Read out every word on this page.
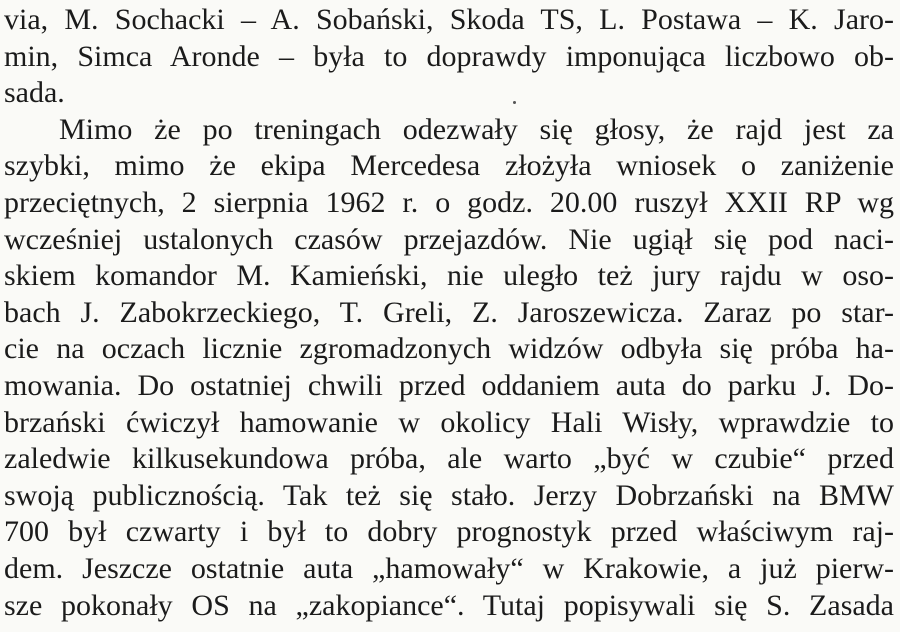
via, M. Sochacki – A. Sobański, Skoda TS, L. Postawa – K. Jaro-
min, Simca Aronde – była to doprawdy imponująca liczbowo ob-
sada.
Mimo że po treningach odezwały się głosy, że rajd jest za
szybki, mimo że ekipa Mercedesa złożyła wniosek o zaniżenie
przeciętnych, 2 sierpnia 1962 r. o godz. 20.00 ruszył XXII RP wg
wcześniej ustalonych czasów przejazdów. Nie ugiął się pod naci-
skiem komandor M. Kamieński, nie uległo też jury rajdu w oso-
bach J. Zabokrzeckiego, T. Greli, Z. Jaroszewicza. Zaraz po star-
cie na oczach licznie zgromadzonych widzów odbyła się próba ha-
mowania. Do ostatniej chwili przed oddaniem auta do parku J. Do-
brzański ćwiczył hamowanie w okolicy Hali Wisły, wprawdzie to
zaledwie kilkusekundowa próba, ale warto „być w czubie“ przed
swoją publicznością. Tak też się stało. Jerzy Dobrzański na BMW
700 był czwarty i był to dobry prognostyk przed właściwym raj-
dem. Jeszcze ostatnie auta „hamowały“ w Krakowie, a już pierw-
sze pokonały OS na „zakopiance“. Tutaj popisywali się S. Zasada
